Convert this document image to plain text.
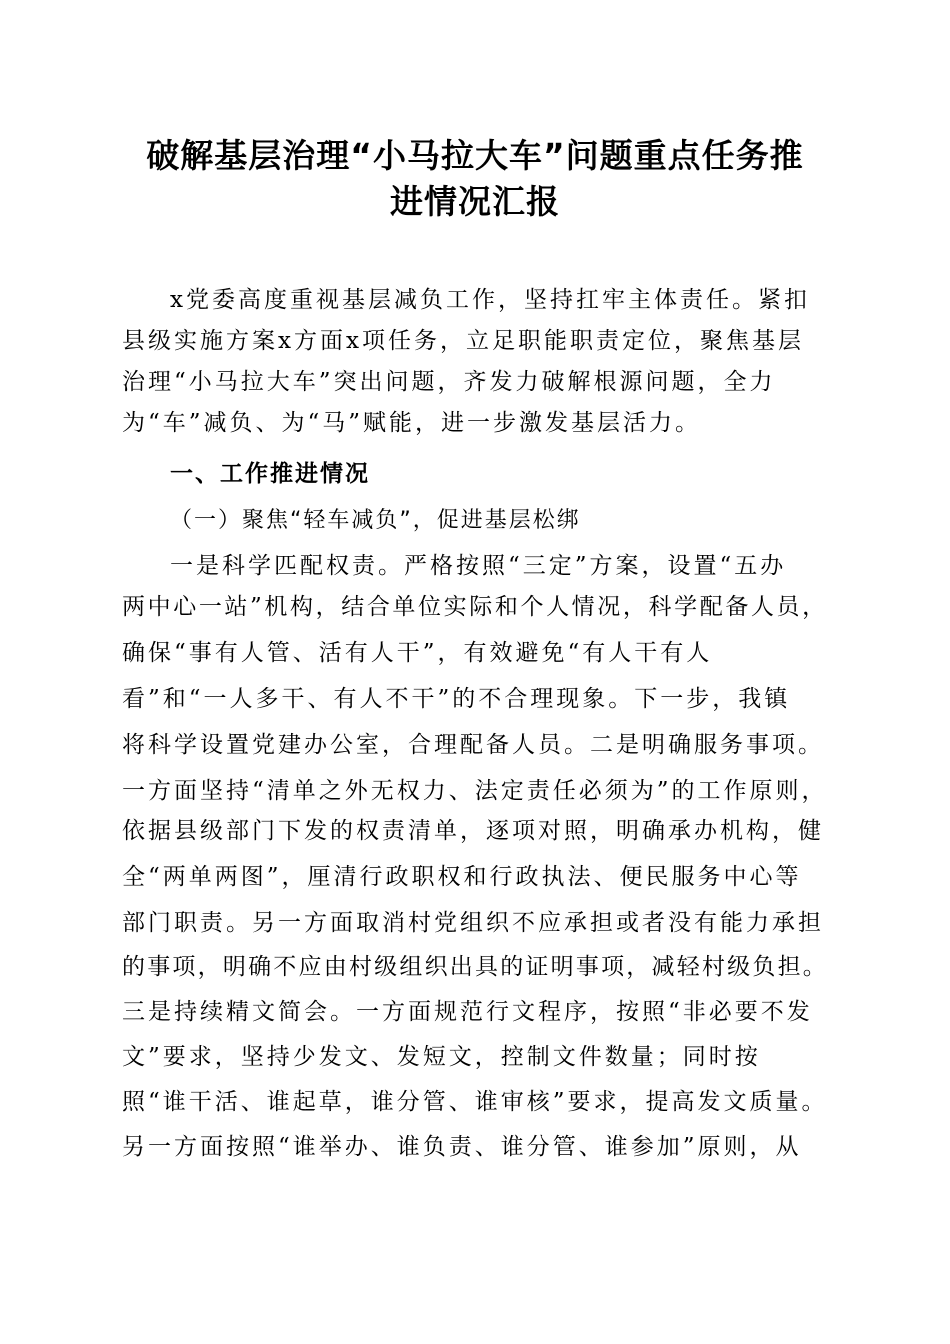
破解基层治理“小马拉大车”问题重点任务推
进情况汇报
x党委高度重视基层减负工作，坚持扛牢主体责任。紧扣
县级实施方案x方面x项任务，立足职能职责定位，聚焦基层
治理“小马拉大车”突出问题，齐发力破解根源问题，全力
为“车”减负、为“马”赋能，进一步激发基层活力。
一、工作推进情况
（一）聚焦“轻车减负”，促进基层松绑
一是科学匹配权责。严格按照“三定”方案，设置“五办
两中心一站”机构，结合单位实际和个人情况，科学配备人员，
确保“事有人管、活有人干”，有效避免“有人干有人
看”和“一人多干、有人不干”的不合理现象。下一步，我镇
将科学设置党建办公室，合理配备人员。二是明确服务事项。
一方面坚持“清单之外无权力、法定责任必须为”的工作原则，
依据县级部门下发的权责清单，逐项对照，明确承办机构，健
全“两单两图”，厘清行政职权和行政执法、便民服务中心等
部门职责。另一方面取消村党组织不应承担或者没有能力承担
的事项，明确不应由村级组织出具的证明事项，减轻村级负担。
三是持续精文简会。一方面规范行文程序，按照“非必要不发
文”要求，坚持少发文、发短文，控制文件数量；同时按
照“谁干活、谁起草，谁分管、谁审核”要求，提高发文质量。
另一方面按照“谁举办、谁负责、谁分管、谁参加”原则，从
